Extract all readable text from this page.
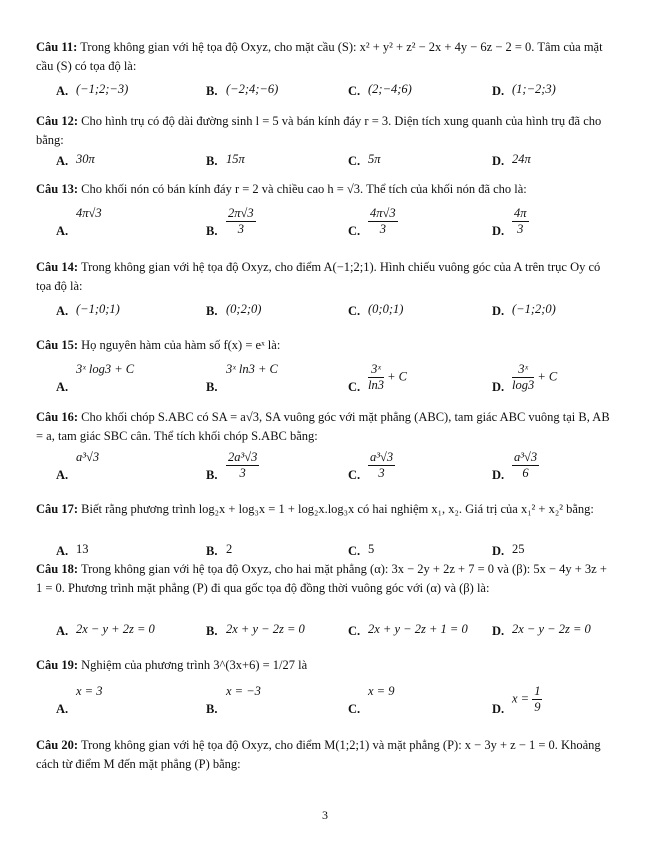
Câu 11: Trong không gian với hệ tọa độ Oxyz, cho mặt cầu (S): x² + y² + z² − 2x + 4y − 6z − 2 = 0. Tâm của mặt cầu (S) có tọa độ là:
A. (−1;2;−3)	B. (−2;4;−6)	C. (2;−4;6)	D. (1;−2;3)
Câu 12: Cho hình trụ có độ dài đường sinh l = 5 và bán kính đáy r = 3. Diện tích xung quanh của hình trụ đã cho bằng:
A. 30π	B. 15π	C. 5π	D. 24π
Câu 13: Cho khối nón có bán kính đáy r = 2 và chiều cao h = √3. Thể tích của khối nón đã cho là:
A.
4π√3
B. $\frac{2\pi√3}{3}$	C. $\frac{4\pi√3}{3}$	D. $\frac{4\pi}{3}$
Câu 14: Trong không gian với hệ tọa độ Oxyz, cho điểm A(−1;2;1). Hình chiếu vuông góc của A trên trục Oy có tọa độ là:
A. (−1;0;1)	B. (0;2;0)	C. (0;0;1)	D. (−1;2;0)
Câu 15: Họ nguyên hàm của hàm số f(x) = eˣ là:
A.
3ˣ log3 + C
B.
3ˣ ln3 + C
C. $\frac{\text{3ˣ}}{\ln 3} + C$
D. $\frac{\text{3ˣ}}{\log 3} + C$
Câu 16: Cho khối chóp S.ABC có SA = a√3, SA vuông góc với mặt phẳng (ABC), tam giác ABC vuông tại B, AB = a, tam giác SBC cân. Thể tích khối chóp S.ABC bằng:
A.
a³√3
B. $\frac{\text{2a³√3}}{3}$	C. $\frac{\text{a³√3}}{3}$	D. $\frac{\text{a³√3}}{6}$
Câu 17: Biết rằng phương trình log₂x + log₃x = 1 + log₂x.log₃x có hai nghiệm x₁, x₂. Giá trị của x₁² + x₂² bằng:
A. 13	B. 2	C. 5	D. 25
Câu 18: Trong không gian với hệ tọa độ Oxyz, cho hai mặt phẳng (α): 3x − 2y + 2z + 7 = 0 và (β): 5x − 4y + 3z + 1 = 0. Phương trình mặt phẳng (P) đi qua gốc tọa độ đồng thời vuông góc với (α) và (β) là:
A. 2x − y + 2z = 0	B. 2x + y − 2z = 0	C. 2x + y − 2z + 1 = 0 D. 2x − y − 2z = 0
Câu 19: Nghiệm của phương trình 3^(3x+6) = 1/27 là
A.
x = 3
B.
x = −3
C.
x = 9
D.
$x = \frac{1}{9}$
Câu 20: Trong không gian với hệ tọa độ Oxyz, cho điểm M(1;2;1) và mặt phẳng (P): x − 3y + z − 1 = 0. Khoảng cách từ điểm M đến mặt phẳng (P) bằng:
3
